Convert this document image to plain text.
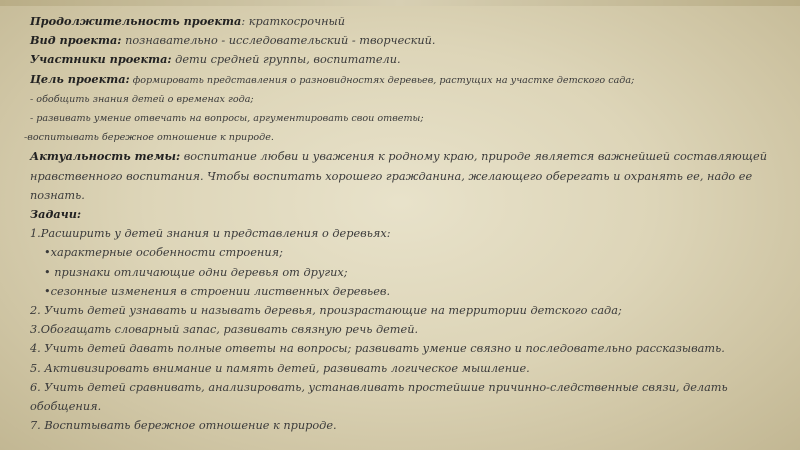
Продолжительность проекта: краткосрочный
Вид проекта: познавательно - исследовательский - творческий.
Участники проекта: дети средней группы, воспитатели.
Цель проекта: формировать представления о разновидностях деревьев, растущих на участке детского сада;
- обобщить знания детей о временах года;
- развивать умение отвечать на вопросы, аргументировать свои ответы;
-воспитывать бережное отношение к природе.
Актуальность темы: воспитание любви и уважения к родному краю, природе является важнейшей составляющей нравственного воспитания. Чтобы воспитать хорошего гражданина, желающего оберегать и охранять ее, надо ее познать.
Задачи:
1.Расширить у детей знания и представления о деревьях:
•характерные особенности строения;
• признаки отличающие одни деревья от других;
•сезонные изменения в строении лиственных деревьев.
2. Учить детей узнавать и называть деревья, произрастающие на территории детского сада;
3.Обогащать словарный запас, развивать связную речь детей.
4. Учить детей давать полные ответы на вопросы; развивать умение связно и последовательно рассказывать.
5. Активизировать внимание и память детей, развивать логическое мышление.
6. Учить детей сравнивать, анализировать, устанавливать простейшие причинно-следственные связи, делать обобщения.
7. Воспитывать бережное отношение к природе.
